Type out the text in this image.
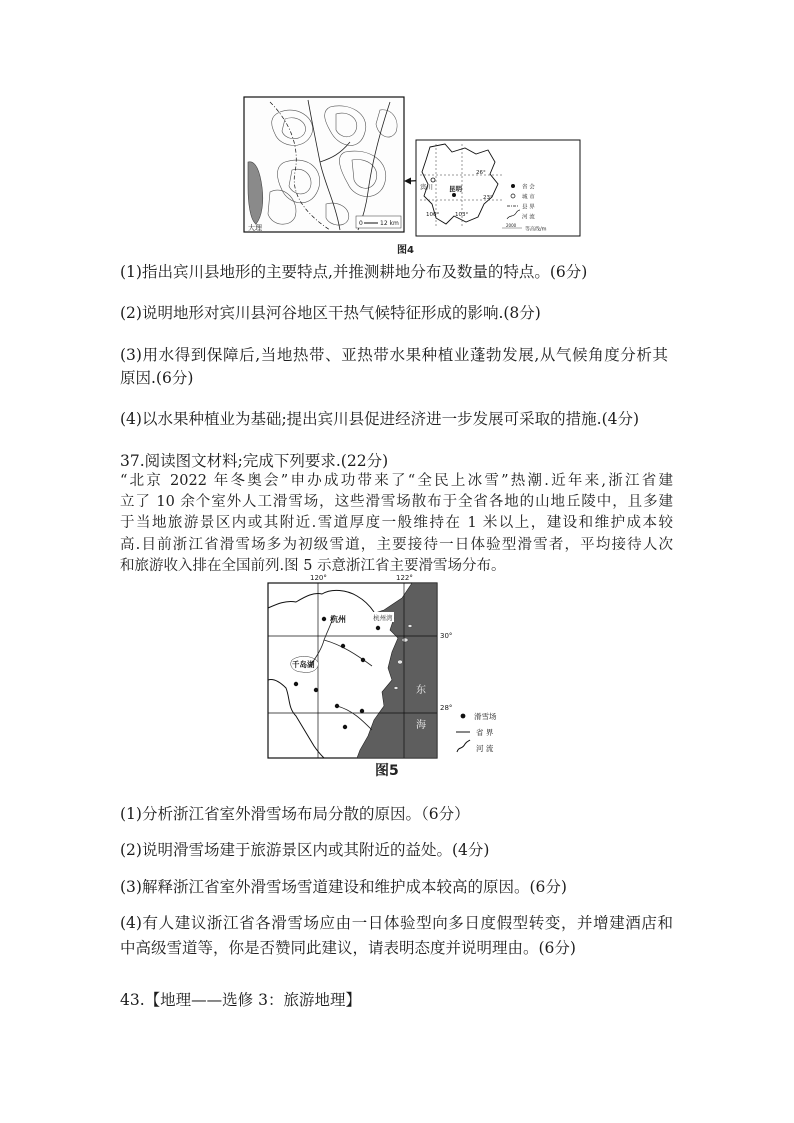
0	12 km
大理
宾川 昆明
26°
23°
100°	103°
省 会
城 市
县 界
河 流
2000
等高线/m
图4
(1)指出宾川县地形的主要特点,并推测耕地分布及数量的特点。(6分)
(2)说明地形对宾川县河谷地区干热气候特征形成的影响.(8分)
(3)用水得到保障后,当地热带、亚热带水果种植业蓬勃发展,从气候角度分析其
原因.(6分)
(4)以水果种植业为基础;提出宾川县促进经济进一步发展可采取的措施.(4分)
37.阅读图文材料;完成下列要求.(22分)
“北京 2022 年冬奥会”申办成功带来了“全民上冰雪”热潮.近年来,浙江省建
立了 10 余个室外人工滑雪场，这些滑雪场散布于全省各地的山地丘陵中，且多建
于当地旅游景区内或其附近.雪道厚度一般维持在 1 米以上，建设和维护成本较
高.目前浙江省滑雪场多为初级雪道，主要接待一日体验型滑雪者，平均接待人次
和旅游收入排在全国前列.图 5 示意浙江省主要滑雪场分布。
杭州	杭州湾
千岛湖
东
海
120°	122°
30°
28°
滑雪场
省 界
河 流
图5
(1)分析浙江省室外滑雪场布局分散的原因。（6分）
(2)说明滑雪场建于旅游景区内或其附近的益处。(4分)
(3)解释浙江省室外滑雪场雪道建设和维护成本较高的原因。(6分)
(4)有人建议浙江省各滑雪场应由一日体验型向多日度假型转变，并增建酒店和
中高级雪道等，你是否赞同此建议，请表明态度并说明理由。(6分)
43.【地理——选修 3：旅游地理】
